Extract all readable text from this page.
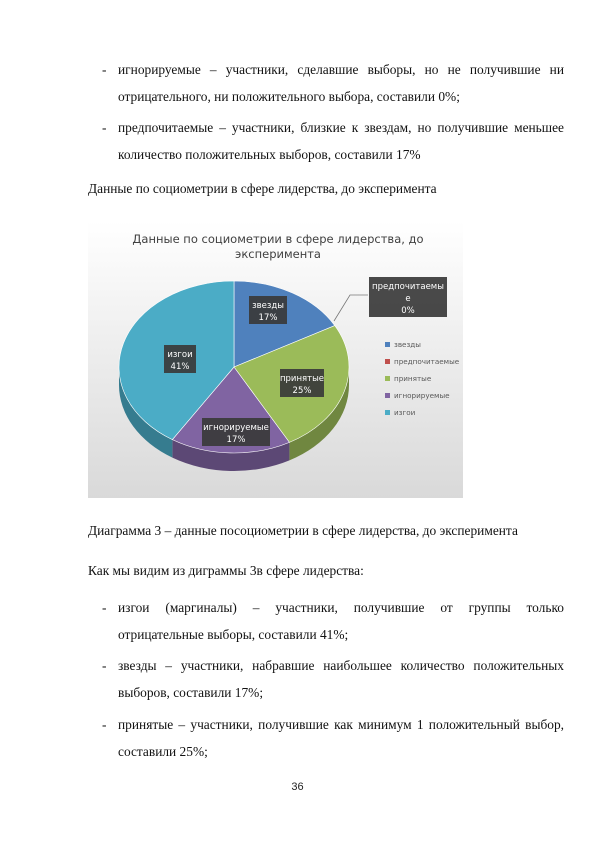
- игнорируемые – участники, сделавшие выборы, но не получившие ни
отрицательного, ни положительного выбора, составили 0%;
- предпочитаемые – участники, близкие к звездам, но получившие меньшее
количество положительных выборов, составили 17%
Данные по социометрии в сфере лидерства, до эксперимента
Данные по социометрии в сфере лидерства, до
эксперимента
звезды
17%
предпочитаемы
е
0%
принятые
25%
игнорируемые
17%
изгои
41%
звезды
предпочитаемые
принятые
игнорируемые
изгои
Диаграмма 3 – данные посоциометрии в сфере лидерства, до эксперимента
Как мы видим из диграммы 3в сфере лидерства:
- изгои (маргиналы) – участники, получившие от группы только
отрицательные выборы, составили 41%;
- звезды – участники, набравшие наибольшее количество положительных
выборов, составили 17%;
- принятые – участники, получившие как минимум 1 положительный выбор,
составили 25%;
36
